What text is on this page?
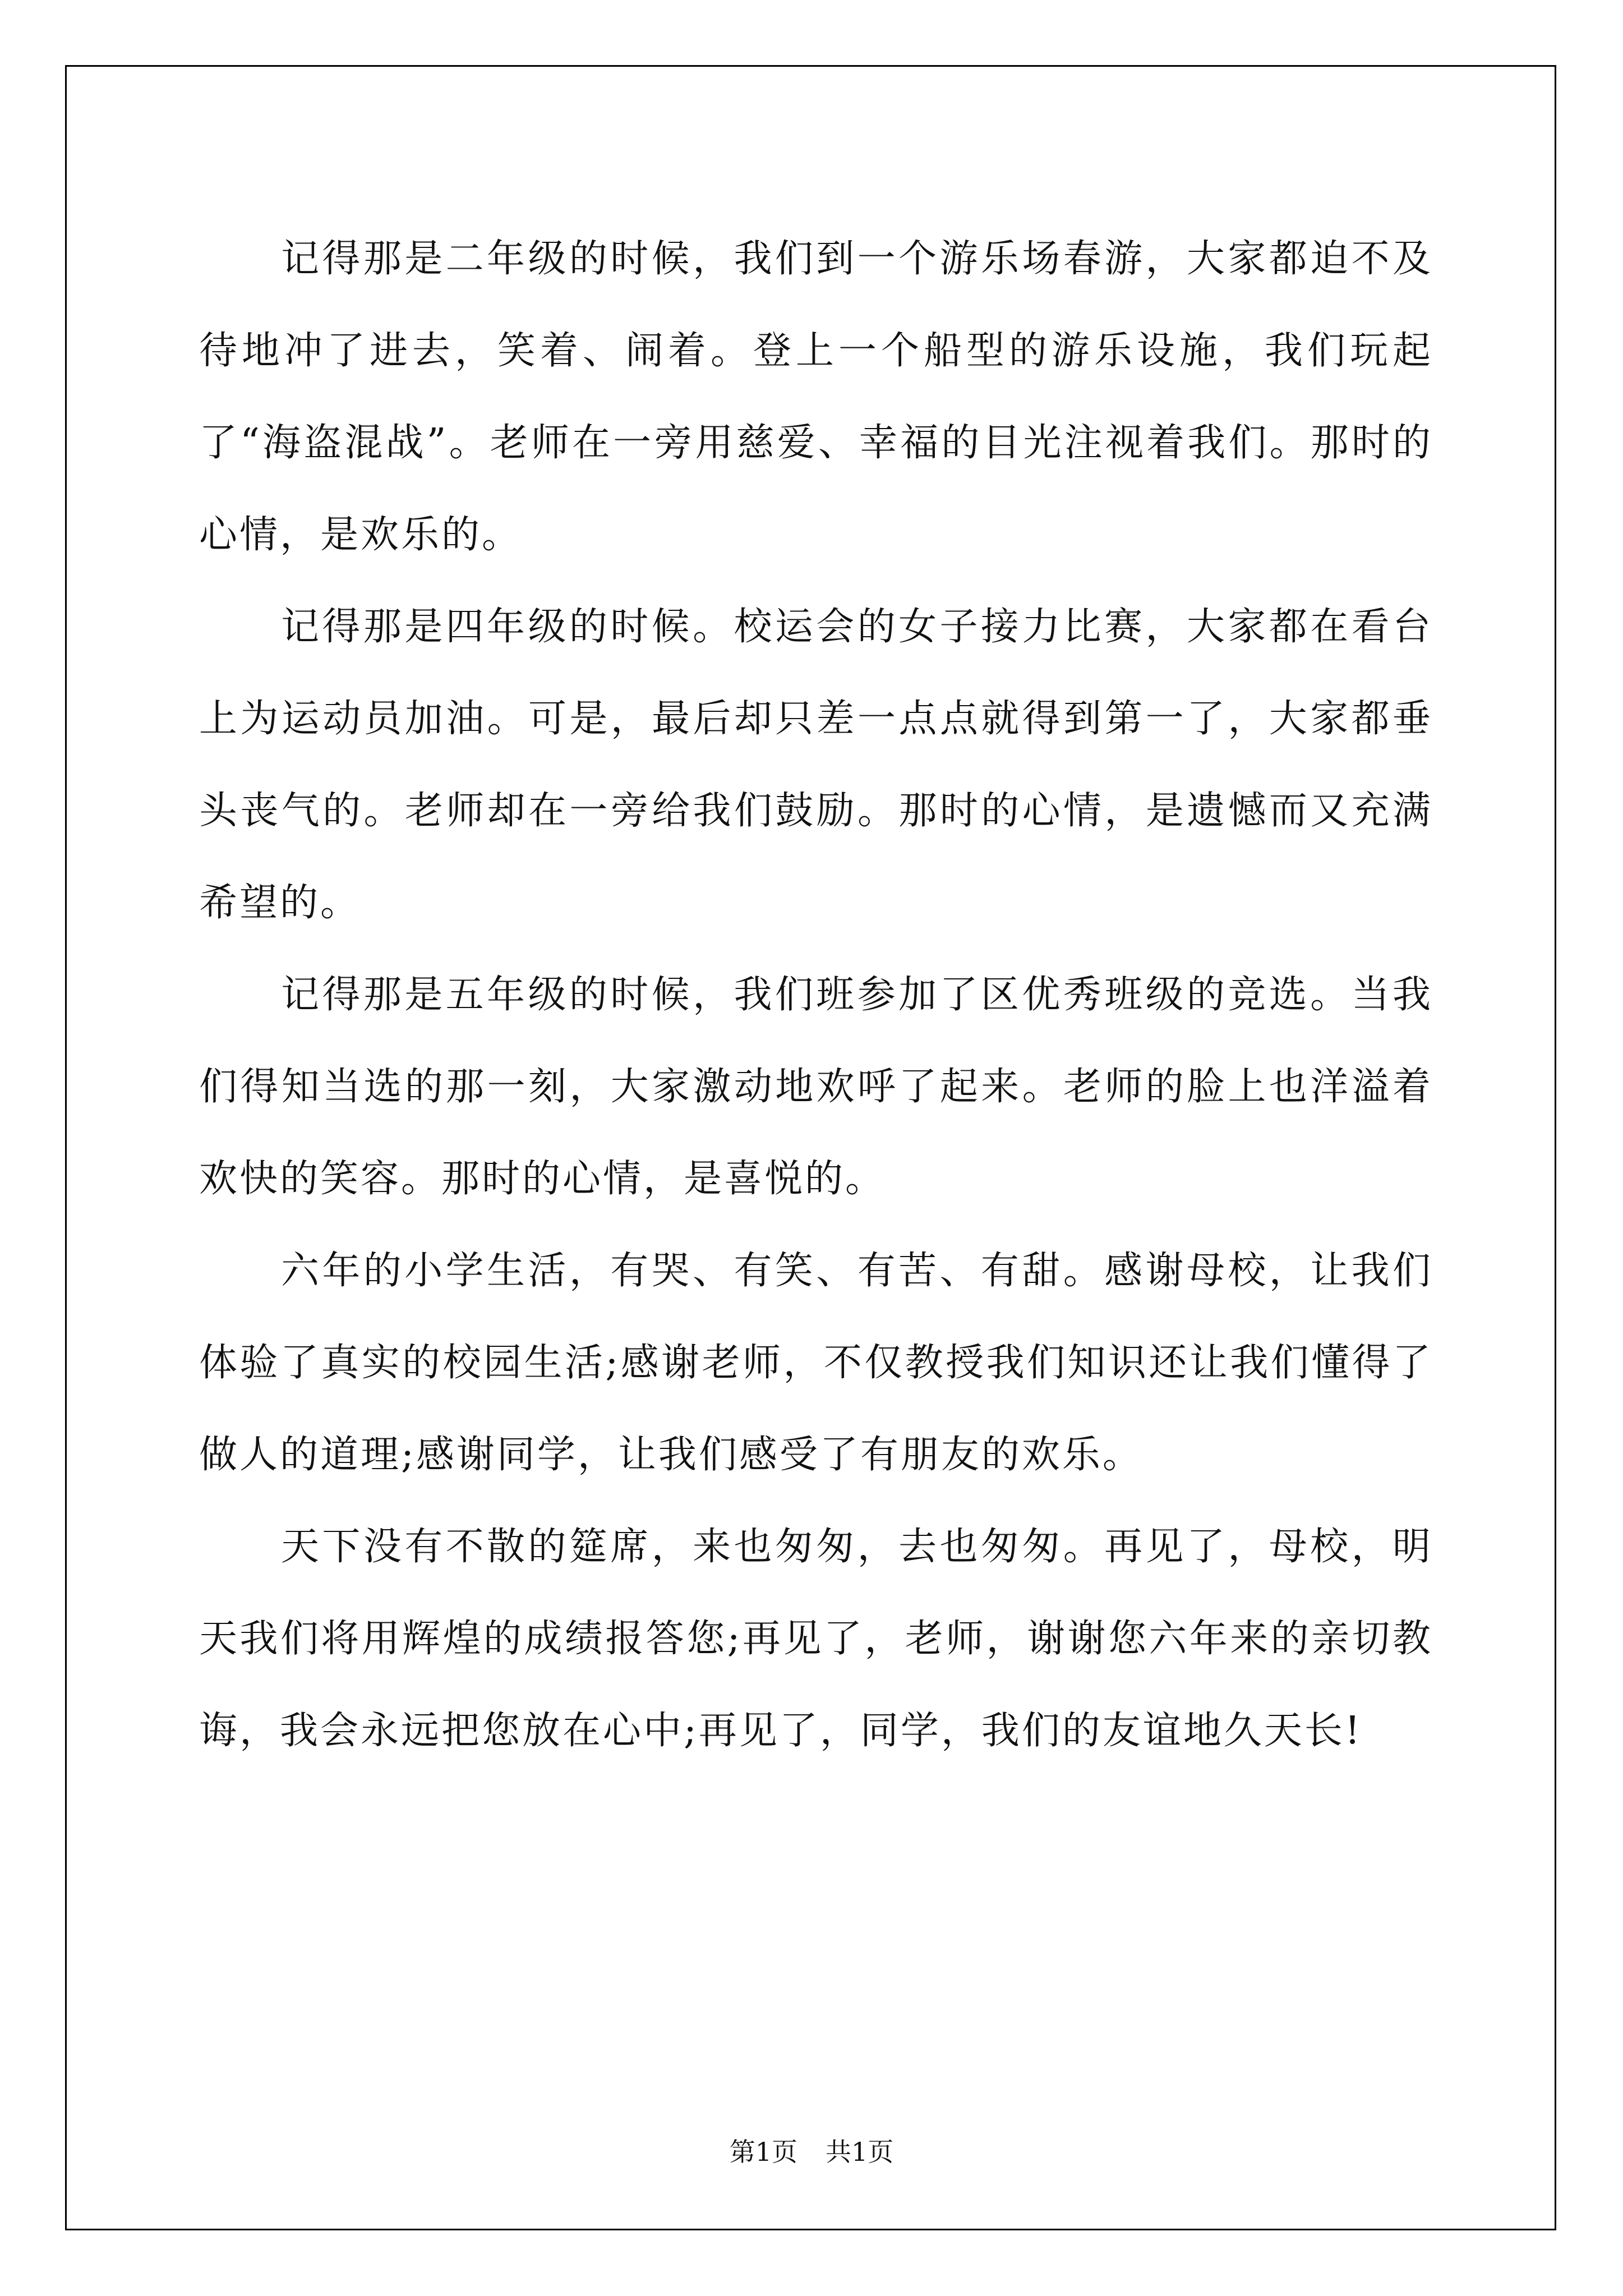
记得那是二年级的时候，我们到一个游乐场春游，大家都迫不及待地冲了进去，笑着、闹着。登上一个船型的游乐设施，我们玩起了“海盗混战”。老师在一旁用慈爱、幸福的目光注视着我们。那时的心情，是欢乐的。

记得那是四年级的时候。校运会的女子接力比赛，大家都在看台上为运动员加油。可是，最后却只差一点点就得到第一了，大家都垂头丧气的。老师却在一旁给我们鼓励。那时的心情，是遗憾而又充满希望的。

记得那是五年级的时候，我们班参加了区优秀班级的竞选。当我们得知当选的那一刻，大家激动地欢呼了起来。老师的脸上也洋溢着欢快的笑容。那时的心情，是喜悦的。

六年的小学生活，有哭、有笑、有苦、有甜。感谢母校，让我们体验了真实的校园生活;感谢老师，不仅教授我们知识还让我们懂得了做人的道理;感谢同学，让我们感受了有朋友的欢乐。

天下没有不散的筵席，来也匆匆，去也匆匆。再见了，母校，明天我们将用辉煌的成绩报答您;再见了，老师，谢谢您六年来的亲切教诲，我会永远把您放在心中;再见了，同学，我们的友谊地久天长!

第1页 共1页
